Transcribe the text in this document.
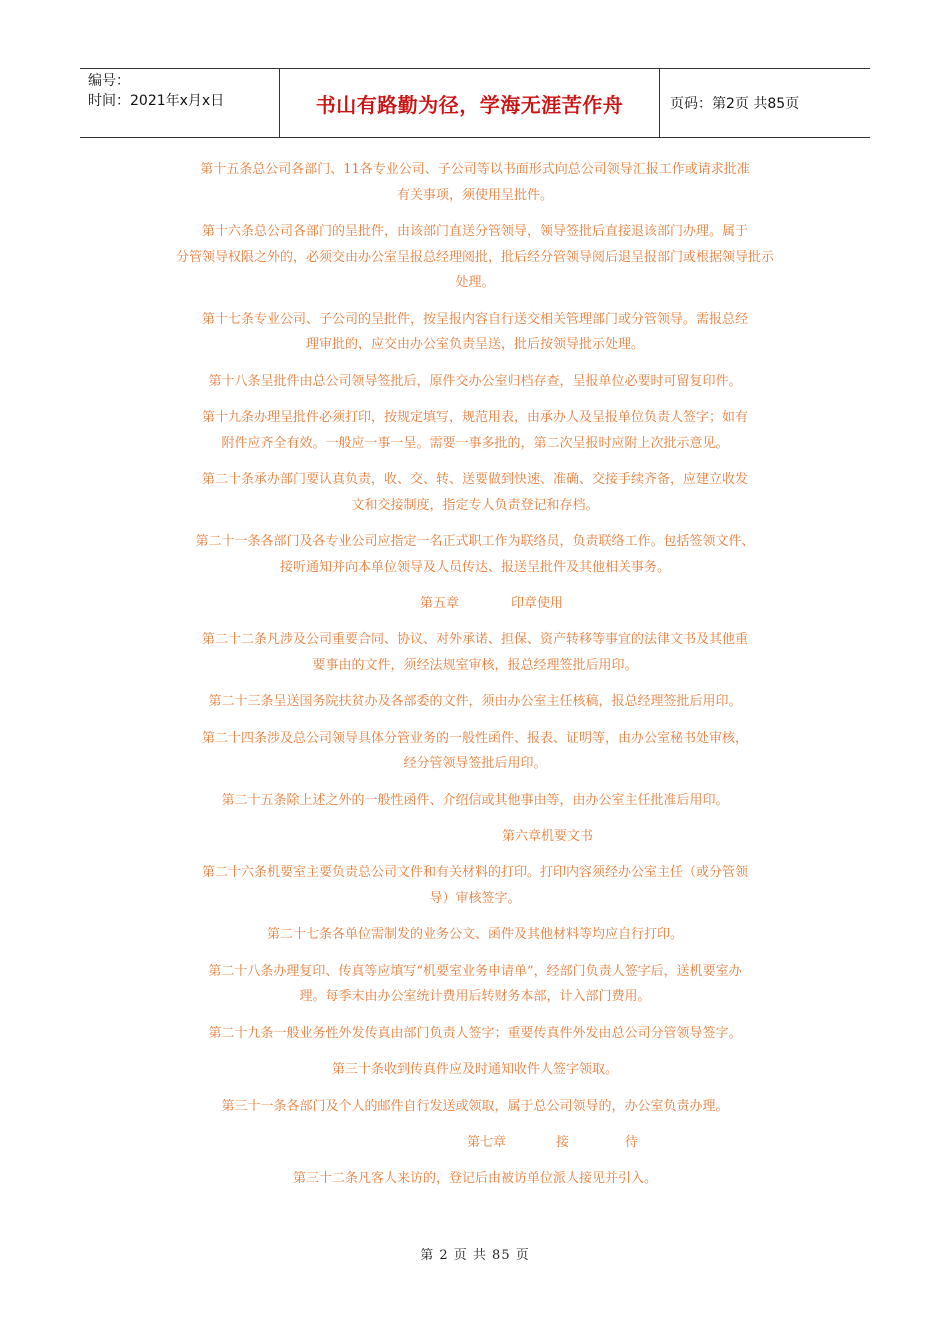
编号：
时间：2021年x月x日	书山有路勤为径，学海无涯苦作舟	页码：第2页 共85页
第十五条总公司各部门、11各专业公司、子公司等以书面形式向总公司领导汇报工作或请求批准
有关事项，须使用呈批件。
第十六条总公司各部门的呈批件，由该部门直送分管领导，领导签批后直接退该部门办理。属于
分管领导权限之外的，必须交由办公室呈报总经理阅批，批后经分管领导阅后退呈报部门或根据领导批示
处理。
第十七条专业公司、子公司的呈批件，按呈报内容自行送交相关管理部门或分管领导。需报总经
理审批的，应交由办公室负责呈送，批后按领导批示处理。
第十八条呈批件由总公司领导签批后，原件交办公室归档存查，呈报单位必要时可留复印件。
第十九条办理呈批件必须打印，按规定填写，规范用表，由承办人及呈报单位负责人签字；如有
附件应齐全有效。一般应一事一呈。需要一事多批的，第二次呈报时应附上次批示意见。
第二十条承办部门要认真负责，收、交、转、送要做到快速、准确、交接手续齐备，应建立收发
文和交接制度，指定专人负责登记和存档。
第二十一条各部门及各专业公司应指定一名正式职工作为联络员，负责联络工作。包括签领文件、
接听通知并向本单位领导及人员传达、报送呈批件及其他相关事务。
第五章	印章使用
第二十二条凡涉及公司重要合同、协议、对外承诺、担保、资产转移等事宜的法律文书及其他重
要事由的文件，须经法规室审核，报总经理签批后用印。
第二十三条呈送国务院扶贫办及各部委的文件，须由办公室主任核稿，报总经理签批后用印。
第二十四条涉及总公司领导具体分管业务的一般性函件、报表、证明等，由办公室秘书处审核，
经分管领导签批后用印。
第二十五条除上述之外的一般性函件、介绍信或其他事由等，由办公室主任批准后用印。
第六章机要文书
第二十六条机要室主要负责总公司文件和有关材料的打印。打印内容须经办公室主任（或分管领
导）审核签字。
第二十七条各单位需制发的业务公文、函件及其他材料等均应自行打印。
第二十八条办理复印、传真等应填写“机要室业务申请单”，经部门负责人签字后，送机要室办
理。每季末由办公室统计费用后转财务本部，计入部门费用。
第二十九条一般业务性外发传真由部门负责人签字；重要传真件外发由总公司分管领导签字。
第三十条收到传真件应及时通知收件人签字领取。
第三十一条各部门及个人的邮件自行发送或领取，属于总公司领导的，办公室负责办理。
第七章	接	待
第三十二条凡客人来访的，登记后由被访单位派人接见并引入。
第 2 页 共 85 页
